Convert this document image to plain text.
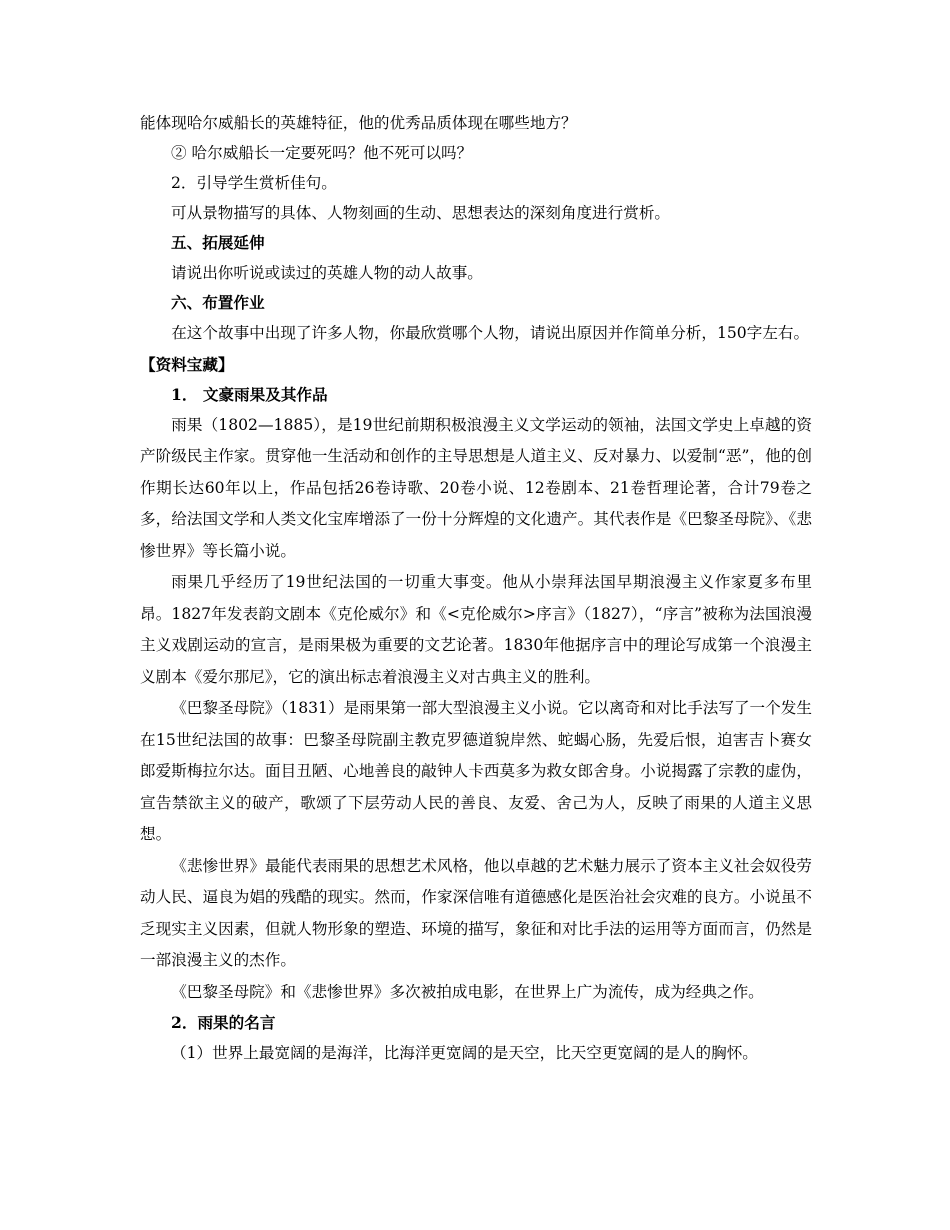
能体现哈尔威船长的英雄特征，他的优秀品质体现在哪些地方？

② 哈尔威船长一定要死吗？他不死可以吗？

2．引导学生赏析佳句。

可从景物描写的具体、人物刻画的生动、思想表达的深刻角度进行赏析。

五、拓展延伸

请说出你听说或读过的英雄人物的动人故事。

六、布置作业

在这个故事中出现了许多人物，你最欣赏哪个人物，请说出原因并作简单分析，150字左右。

【资料宝藏】

1． 文豪雨果及其作品

雨果（1802—1885），是19世纪前期积极浪漫主义文学运动的领袖，法国文学史上卓越的资产阶级民主作家。贯穿他一生活动和创作的主导思想是人道主义、反对暴力、以爱制“恶”，他的创作期长达60年以上，作品包括26卷诗歌、20卷小说、12卷剧本、21卷哲理论著，合计79卷之多，给法国文学和人类文化宝库增添了一份十分辉煌的文化遗产。其代表作是《巴黎圣母院》、《悲惨世界》等长篇小说。

雨果几乎经历了19世纪法国的一切重大事变。他从小崇拜法国早期浪漫主义作家夏多布里昂。1827年发表韵文剧本《克伦威尔》和《<克伦威尔>序言》（1827），“序言”被称为法国浪漫主义戏剧运动的宣言，是雨果极为重要的文艺论著。1830年他据序言中的理论写成第一个浪漫主义剧本《爱尔那尼》，它的演出标志着浪漫主义对古典主义的胜利。

《巴黎圣母院》（1831）是雨果第一部大型浪漫主义小说。它以离奇和对比手法写了一个发生在15世纪法国的故事：巴黎圣母院副主教克罗德道貌岸然、蛇蝎心肠，先爱后恨，迫害吉卜赛女郎爱斯梅拉尔达。面目丑陋、心地善良的敲钟人卡西莫多为救女郎舍身。小说揭露了宗教的虚伪，宣告禁欲主义的破产，歌颂了下层劳动人民的善良、友爱、舍己为人，反映了雨果的人道主义思想。

《悲惨世界》最能代表雨果的思想艺术风格，他以卓越的艺术魅力展示了资本主义社会奴役劳动人民、逼良为娼的残酷的现实。然而，作家深信唯有道德感化是医治社会灾难的良方。小说虽不乏现实主义因素，但就人物形象的塑造、环境的描写，象征和对比手法的运用等方面而言，仍然是一部浪漫主义的杰作。

《巴黎圣母院》和《悲惨世界》多次被拍成电影，在世界上广为流传，成为经典之作。

2．雨果的名言

（1）世界上最宽阔的是海洋，比海洋更宽阔的是天空，比天空更宽阔的是人的胸怀。
